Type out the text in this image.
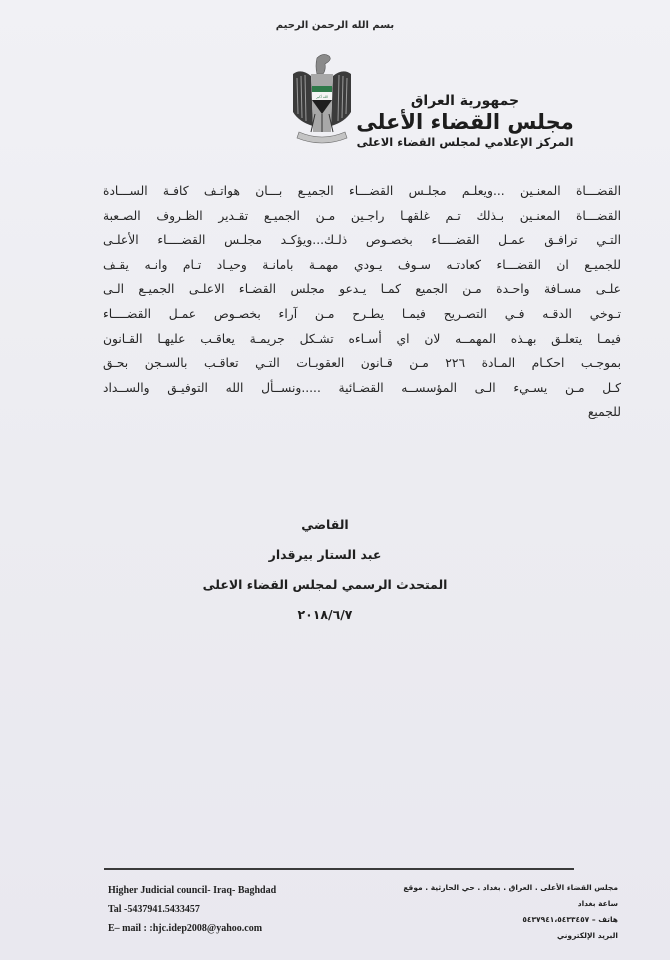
بسم الله الرحمن الرحيم
الله أكبر	جمهورية العراق
مجلس القضاء الأعلى
المركز الإعلامي لمجلس القضاء الاعلى
القضـــاة المعنـين ...ويعلـم مجلـس القضـــاء الجميـع بـــان هواتـف كافـة الســـادة
القضـــاة المعنـين بـذلك تـم غلقهـا راجـين مـن الجميـع تقـدير الظـروف الصـعبة
التـي ترافـق عمـل القضــــاء بخصـوص ذلـك...ويؤكـد مجلـس القضــــاء الأعلـى
للجميـع ان القضـــاء كعادتـه سـوف يـودي مهمـة بامانـة وحيـاد تـام وانـه يقـف
علـى مسـافة واحـدة مـن الجميع كمـا يـدعو مجلس القضـاء الاعلـى الجميـع الـى
تـوخي الدقـه فـي التصـريح فيمـا يطـرح مـن آراء بخصـوص عمـل القضــــاء
فيمـا يتعلـق بهـذه المهمــه لان اي أسـاءه تشـكل جريمـة يعاقـب عليهـا القـانون
بموجـب احكـام المـادة ٢٢٦ مـن قـانون العقوبـات التـي تعاقـب بالسـجن بحـق
كـل مـن يسـيء الـى المؤسســه القضـائية .....ونســأل الله التوفيـق والســداد
للجميع
القاضي
عبد الستار بيرقدار
المتحدث الرسمي لمجلس القضاء الاعلى
٢٠١٨/٦/٧
Higher Judicial council- Iraq- Baghdad
Tal -5437941.5433457
E– mail : :hjc.idep2008@yahoo.com
مجلس القضاء الأعلى . العراق . بغداد . حي الحارثية . موقع ساعة بغداد
هاتف – ٥٤٣٧٩٤١،٥٤٣٣٤٥٧
البريد الإلكتروني
